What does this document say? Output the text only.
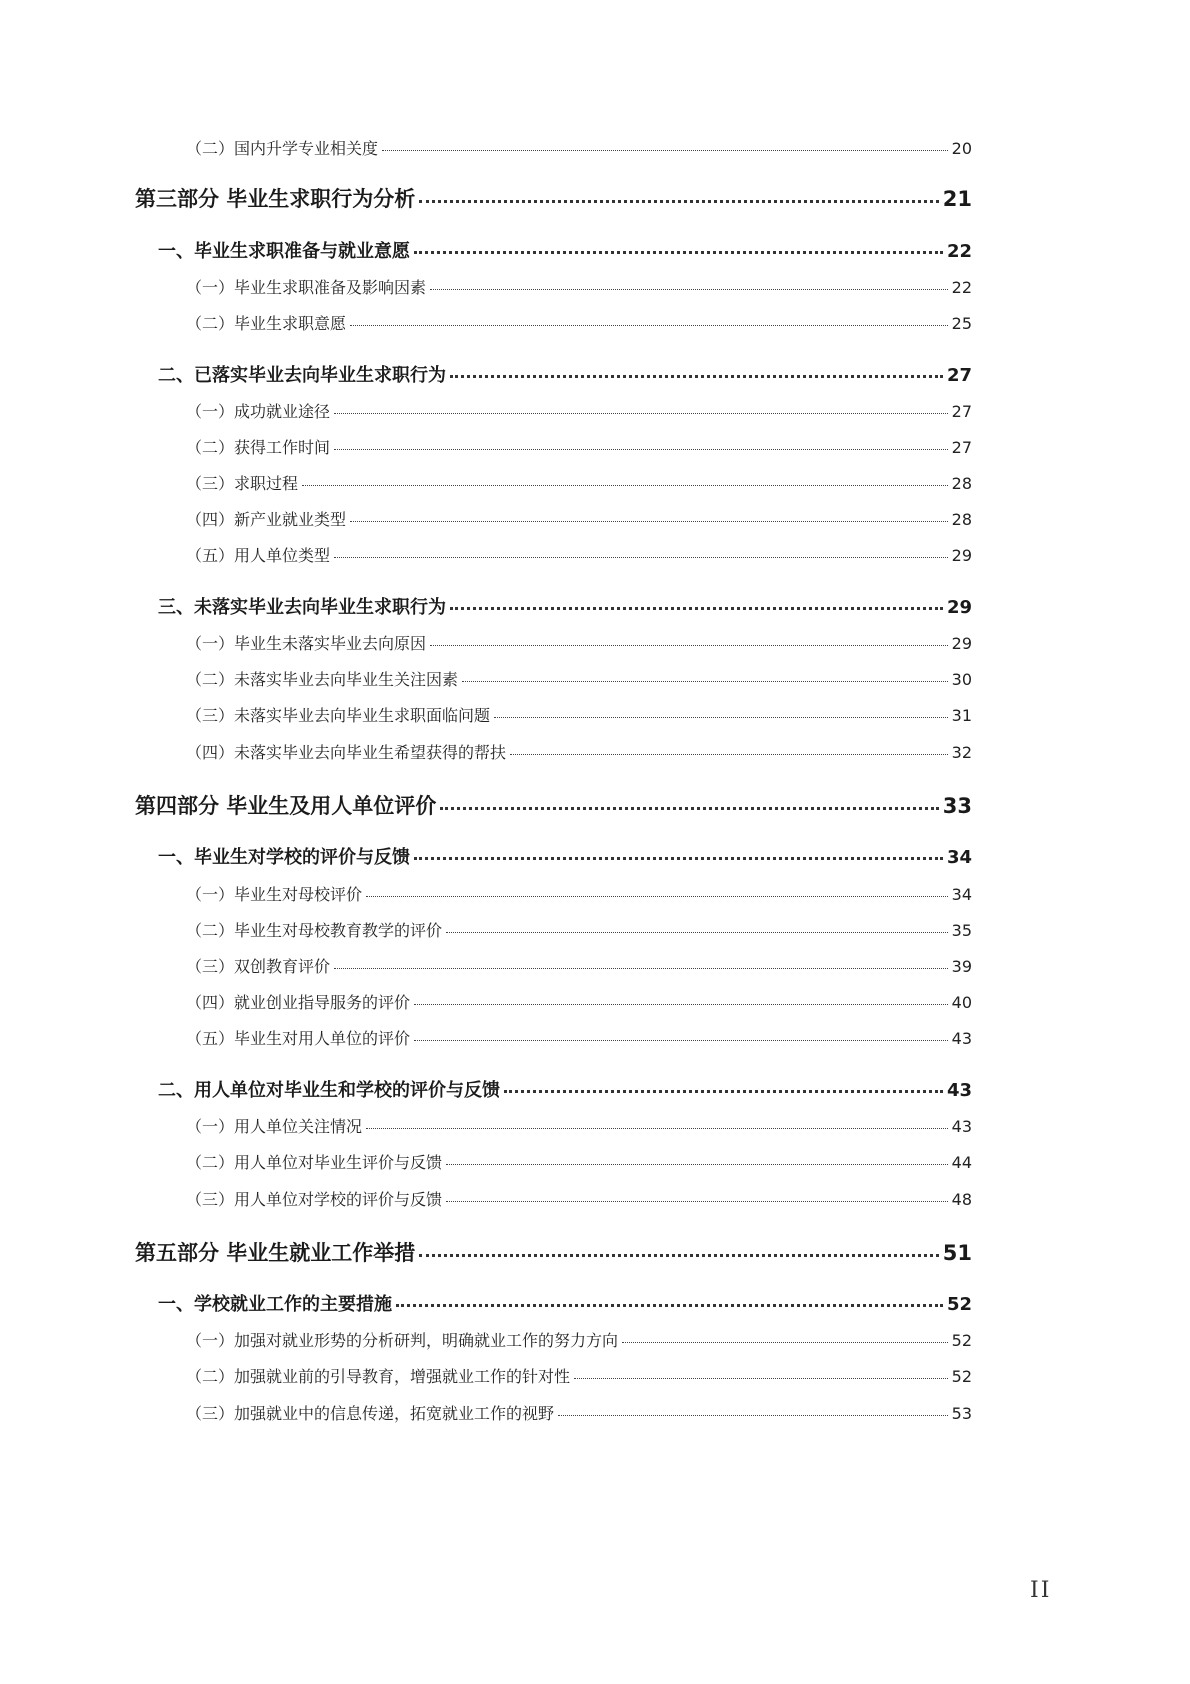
（二）国内升学专业相关度	20
第三部分 毕业生求职行为分析	21
一、毕业生求职准备与就业意愿	22
（一）毕业生求职准备及影响因素	22
（二）毕业生求职意愿	25
二、已落实毕业去向毕业生求职行为	27
（一）成功就业途径	27
（二）获得工作时间	27
（三）求职过程	28
（四）新产业就业类型	28
（五）用人单位类型	29
三、未落实毕业去向毕业生求职行为	29
（一）毕业生未落实毕业去向原因	29
（二）未落实毕业去向毕业生关注因素	30
（三）未落实毕业去向毕业生求职面临问题	31
（四）未落实毕业去向毕业生希望获得的帮扶	32
第四部分 毕业生及用人单位评价	33
一、毕业生对学校的评价与反馈	34
（一）毕业生对母校评价	34
（二）毕业生对母校教育教学的评价	35
（三）双创教育评价	39
（四）就业创业指导服务的评价	40
（五）毕业生对用人单位的评价	43
二、用人单位对毕业生和学校的评价与反馈	43
（一）用人单位关注情况	43
（二）用人单位对毕业生评价与反馈	44
（三）用人单位对学校的评价与反馈	48
第五部分 毕业生就业工作举措	51
一、学校就业工作的主要措施	52
（一）加强对就业形势的分析研判，明确就业工作的努力方向	52
（二）加强就业前的引导教育，增强就业工作的针对性	52
（三）加强就业中的信息传递，拓宽就业工作的视野	53
II
